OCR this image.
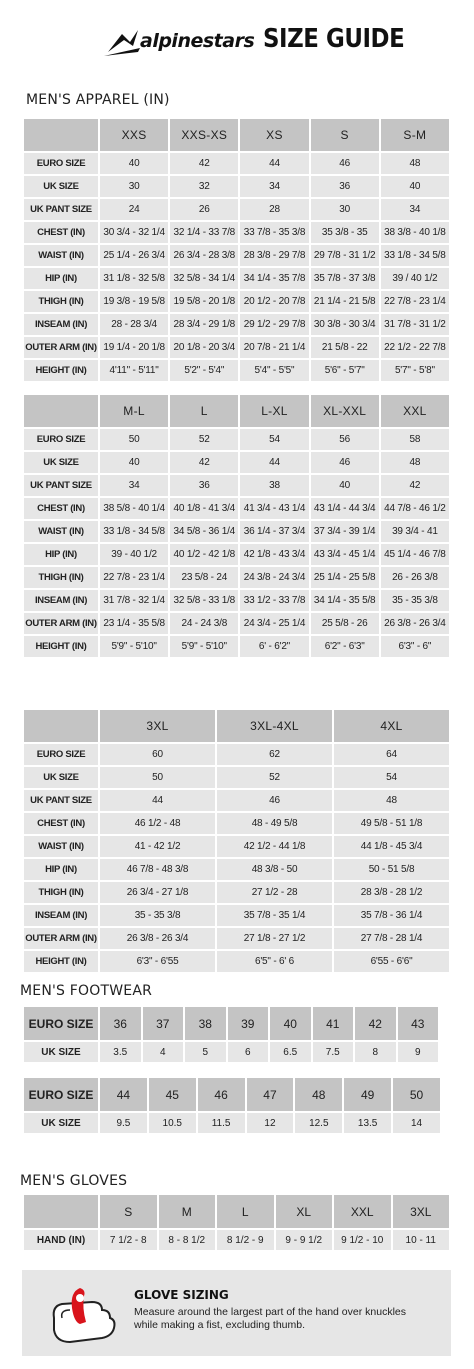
alpinestars SIZE GUIDE
MEN'S APPAREL (IN)
	XXS	XXS-XS	XS	S	S-M
EURO SIZE	40	42	44	46	48
UK SIZE	30	32	34	36	40
UK PANT SIZE	24	26	28	30	34
CHEST (IN)	30 3/4 - 32 1/4	32 1/4 - 33 7/8	33 7/8 - 35 3/8	35 3/8 - 35	38 3/8 - 40 1/8
WAIST (IN)	25 1/4 - 26 3/4	26 3/4 - 28 3/8	28 3/8 - 29 7/8	29 7/8 - 31 1/2	33 1/8 - 34 5/8
HIP (IN)	31 1/8 - 32 5/8	32 5/8 - 34 1/4	34 1/4 - 35 7/8	35 7/8 - 37 3/8	39 / 40 1/2
THIGH (IN)	19 3/8 - 19 5/8	19 5/8 - 20 1/8	20 1/2 - 20 7/8	21 1/4 - 21 5/8	22 7/8 - 23 1/4
INSEAM (IN)	28 - 28 3/4	28 3/4 - 29 1/8	29 1/2 - 29 7/8	30 3/8 - 30 3/4	31 7/8 - 31 1/2
OUTER ARM (IN)	19 1/4 - 20 1/8	20 1/8 - 20 3/4	20 7/8 - 21 1/4	21 5/8 - 22	22 1/2 - 22 7/8
HEIGHT (IN)	4'11" - 5'11"	5'2" - 5'4"	5'4" - 5'5"	5'6" - 5'7"	5'7" - 5'8"
	M-L	L	L-XL	XL-XXL	XXL
EURO SIZE	50	52	54	56	58
UK SIZE	40	42	44	46	48
UK PANT SIZE	34	36	38	40	42
CHEST (IN)	38 5/8 - 40 1/4	40 1/8 - 41 3/4	41 3/4 - 43 1/4	43 1/4 - 44 3/4	44 7/8 - 46 1/2
WAIST (IN)	33 1/8 - 34 5/8	34 5/8 - 36 1/4	36 1/4 - 37 3/4	37 3/4 - 39 1/4	39 3/4 - 41
HIP (IN)	39 - 40 1/2	40 1/2 - 42 1/8	42 1/8 - 43 3/4	43 3/4 - 45 1/4	45 1/4 - 46 7/8
THIGH (IN)	22 7/8 - 23 1/4	23 5/8 - 24	24 3/8 - 24 3/4	25 1/4 - 25 5/8	26 - 26 3/8
INSEAM (IN)	31 7/8 - 32 1/4	32 5/8 - 33 1/8	33 1/2 - 33 7/8	34 1/4 - 35 5/8	35 - 35 3/8
OUTER ARM (IN)	23 1/4 - 35 5/8	24 - 24 3/8	24 3/4 - 25 1/4	25 5/8 - 26	26 3/8 - 26 3/4
HEIGHT (IN)	5'9" - 5'10"	5'9" - 5'10"	6' - 6'2"	6'2" - 6'3"	6'3" - 6"
	3XL	3XL-4XL	4XL
EURO SIZE	60	62	64
UK SIZE	50	52	54
UK PANT SIZE	44	46	48
CHEST (IN)	46 1/2 - 48	48 - 49 5/8	49 5/8 - 51 1/8
WAIST (IN)	41 - 42 1/2	42 1/2 - 44 1/8	44 1/8 - 45 3/4
HIP (IN)	46 7/8 - 48 3/8	48 3/8 - 50	50 - 51 5/8
THIGH (IN)	26 3/4 - 27 1/8	27 1/2 - 28	28 3/8 - 28 1/2
INSEAM (IN)	35 - 35 3/8	35 7/8 - 35 1/4	35 7/8 - 36 1/4
OUTER ARM (IN)	26 3/8 - 26 3/4	27 1/8 - 27 1/2	27 7/8 - 28 1/4
HEIGHT (IN)	6'3" - 6'55	6'5" - 6' 6	6'55 - 6'6"
MEN'S FOOTWEAR
EURO SIZE	36	37	38	39	40	41	42	43
UK SIZE	3.5	4	5	6	6.5	7.5	8	9
EURO SIZE	44	45	46	47	48	49	50
UK SIZE	9.5	10.5	11.5	12	12.5	13.5	14
MEN'S GLOVES
	S	M	L	XL	XXL	3XL
HAND (IN)	7 1/2 - 8	8 - 8 1/2	8 1/2 - 9	9 - 9 1/2	9 1/2 - 10	10 - 11
GLOVE SIZING
Measure around the largest part of the hand over knuckles while making a fist, excluding thumb.
